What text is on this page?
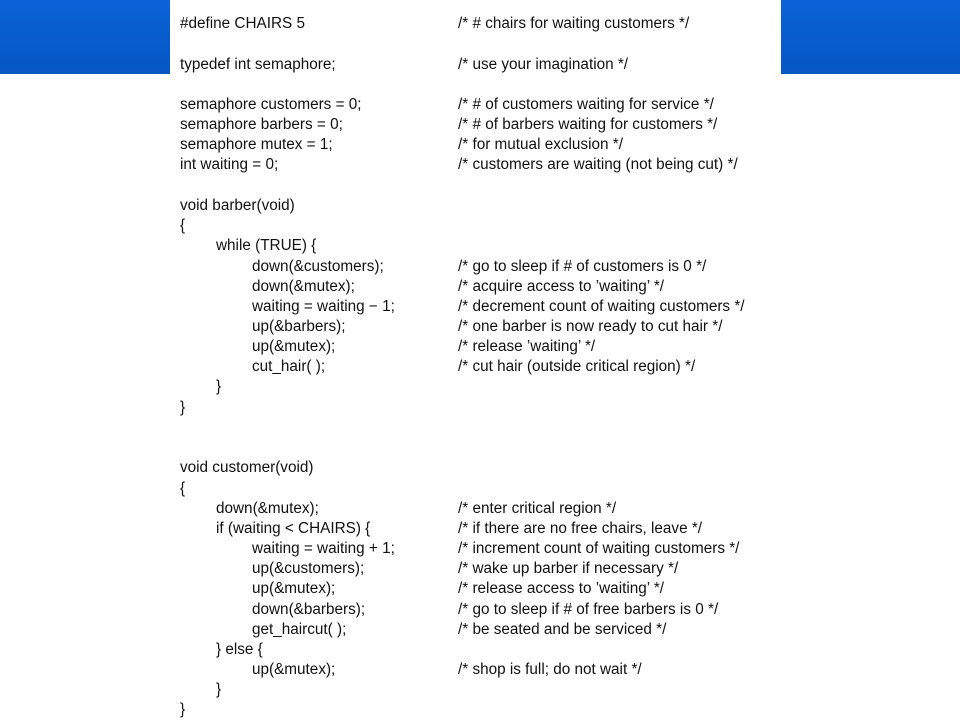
#define CHAIRS 5	/* # chairs for waiting customers */
typedef int semaphore;	/* use your imagination */
semaphore customers = 0;	/* # of customers waiting for service */
semaphore barbers = 0;	/* # of barbers waiting for customers */
semaphore mutex = 1;	/* for mutual exclusion */
int waiting = 0;	/* customers are waiting (not being cut) */
void barber(void)
{
while (TRUE) {
down(&customers);	/* go to sleep if # of customers is 0 */
down(&mutex);	/* acquire access to ’waiting’ */
waiting = waiting − 1;	/* decrement count of waiting customers */
up(&barbers);	/* one barber is now ready to cut hair */
up(&mutex);	/* release ’waiting’ */
cut_hair( );	/* cut hair (outside critical region) */
}
}
void customer(void)
{
down(&mutex);	/* enter critical region */
if (waiting < CHAIRS) {	/* if there are no free chairs, leave */
waiting = waiting + 1;	/* increment count of waiting customers */
up(&customers);	/* wake up barber if necessary */
up(&mutex);	/* release access to ’waiting’ */
down(&barbers);	/* go to sleep if # of free barbers is 0 */
get_haircut( );	/* be seated and be serviced */
} else {
up(&mutex);	/* shop is full; do not wait */
}
}
